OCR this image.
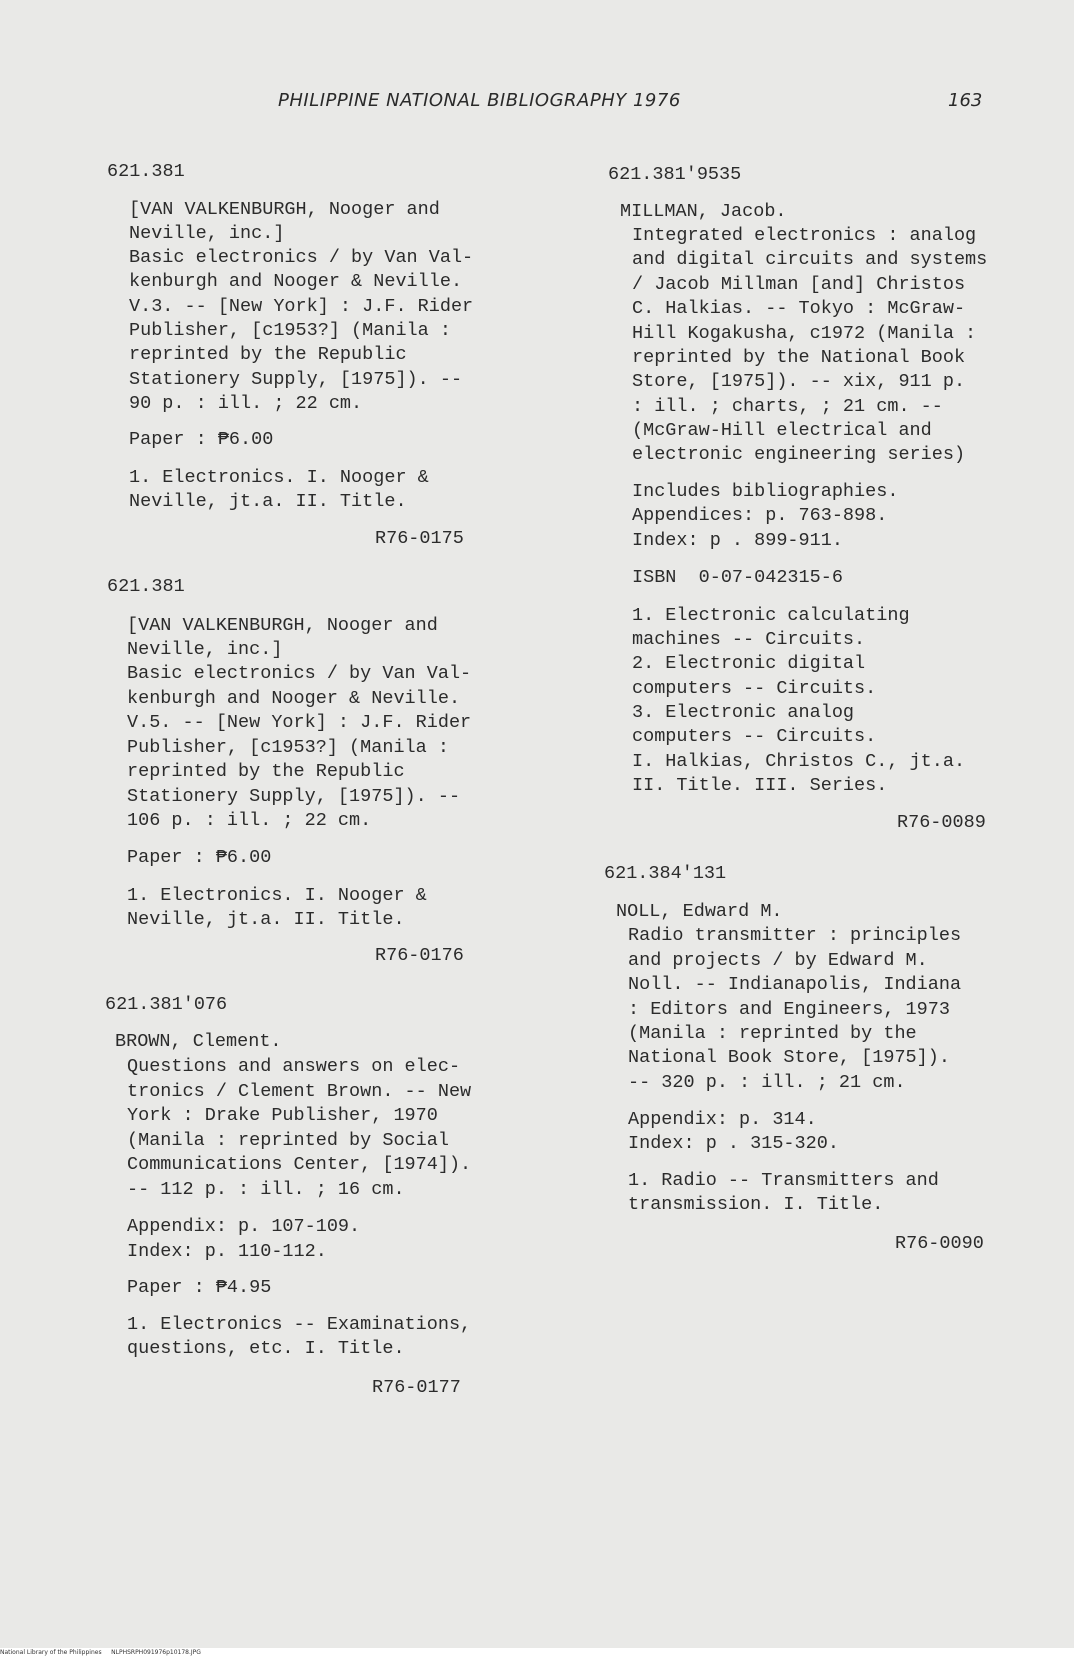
PHILIPPINE NATIONAL BIBLIOGRAPHY 1976	163
621.381
[VAN VALKENBURGH, Nooger and
Neville, inc.]
Basic electronics / by Van Val-
kenburgh and Nooger & Neville.
V.3. -- [New York] : J.F. Rider
Publisher, [c1953?] (Manila :
reprinted by the Republic
Stationery Supply, [1975]). --
90 p. : ill. ; 22 cm.
Paper : ₱6.00
1. Electronics. I. Nooger &
Neville, jt.a. II. Title.
R76-0175
621.381
[VAN VALKENBURGH, Nooger and
Neville, inc.]
Basic electronics / by Van Val-
kenburgh and Nooger & Neville.
V.5. -- [New York] : J.F. Rider
Publisher, [c1953?] (Manila :
reprinted by the Republic
Stationery Supply, [1975]). --
106 p. : ill. ; 22 cm.
Paper : ₱6.00
1. Electronics. I. Nooger &
Neville, jt.a. II. Title.
R76-0176
621.381'076
BROWN, Clement.
Questions and answers on elec-
tronics / Clement Brown. -- New
York : Drake Publisher, 1970
(Manila : reprinted by Social
Communications Center, [1974]).
-- 112 p. : ill. ; 16 cm.
Appendix: p. 107-109.
Index: p. 110-112.
Paper : ₱4.95
1. Electronics -- Examinations,
questions, etc. I. Title.
R76-0177
621.381'9535
MILLMAN, Jacob.
Integrated electronics : analog
and digital circuits and systems
/ Jacob Millman [and] Christos
C. Halkias. -- Tokyo : McGraw-
Hill Kogakusha, c1972 (Manila :
reprinted by the National Book
Store, [1975]). -- xix, 911 p.
: ill. ; charts, ; 21 cm. --
(McGraw-Hill electrical and
electronic engineering series)
Includes bibliographies.
Appendices: p. 763-898.
Index: p . 899-911.
ISBN  0-07-042315-6
1. Electronic calculating
machines -- Circuits.
2. Electronic digital
computers -- Circuits.
3. Electronic analog
computers -- Circuits.
I. Halkias, Christos C., jt.a.
II. Title. III. Series.
R76-0089
621.384'131
NOLL, Edward M.
Radio transmitter : principles
and projects / by Edward M.
Noll. -- Indianapolis, Indiana
: Editors and Engineers, 1973
(Manila : reprinted by the
National Book Store, [1975]).
-- 320 p. : ill. ; 21 cm.
Appendix: p. 314.
Index: p . 315-320.
1. Radio -- Transmitters and
transmission. I. Title.
R76-0090
National Library of the Philippines NLPHSRPH091976p10178.JPG
